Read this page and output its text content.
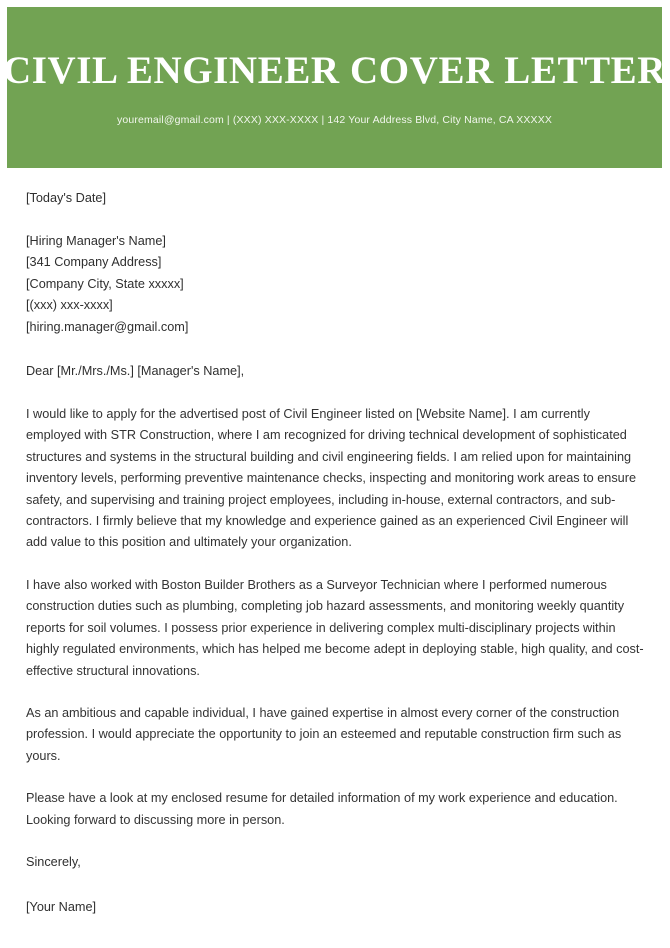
CIVIL ENGINEER COVER LETTER
youremail@gmail.com | (XXX) XXX-XXXX | 142 Your Address Blvd, City Name, CA XXXXX
[Today's Date]
[Hiring Manager's Name]
[341 Company Address]
[Company City, State xxxxx]
[(xxx) xxx-xxxx]
[hiring.manager@gmail.com]
Dear [Mr./Mrs./Ms.] [Manager's Name],

I would like to apply for the advertised post of Civil Engineer listed on [Website Name]. I am currently employed with STR Construction, where I am recognized for driving technical development of sophisticated structures and systems in the structural building and civil engineering fields. I am relied upon for maintaining inventory levels, performing preventive maintenance checks, inspecting and monitoring work areas to ensure safety, and supervising and training project employees, including in-house, external contractors, and sub-contractors. I firmly believe that my knowledge and experience gained as an experienced Civil Engineer will add value to this position and ultimately your organization.

I have also worked with Boston Builder Brothers as a Surveyor Technician where I performed numerous construction duties such as plumbing, completing job hazard assessments, and monitoring weekly quantity reports for soil volumes. I possess prior experience in delivering complex multi-disciplinary projects within highly regulated environments, which has helped me become adept in deploying stable, high quality, and cost-effective structural innovations.

As an ambitious and capable individual, I have gained expertise in almost every corner of the construction profession. I would appreciate the opportunity to join an esteemed and reputable construction firm such as yours.

Please have a look at my enclosed resume for detailed information of my work experience and education. Looking forward to discussing more in person.

Sincerely,
[Your Name]
